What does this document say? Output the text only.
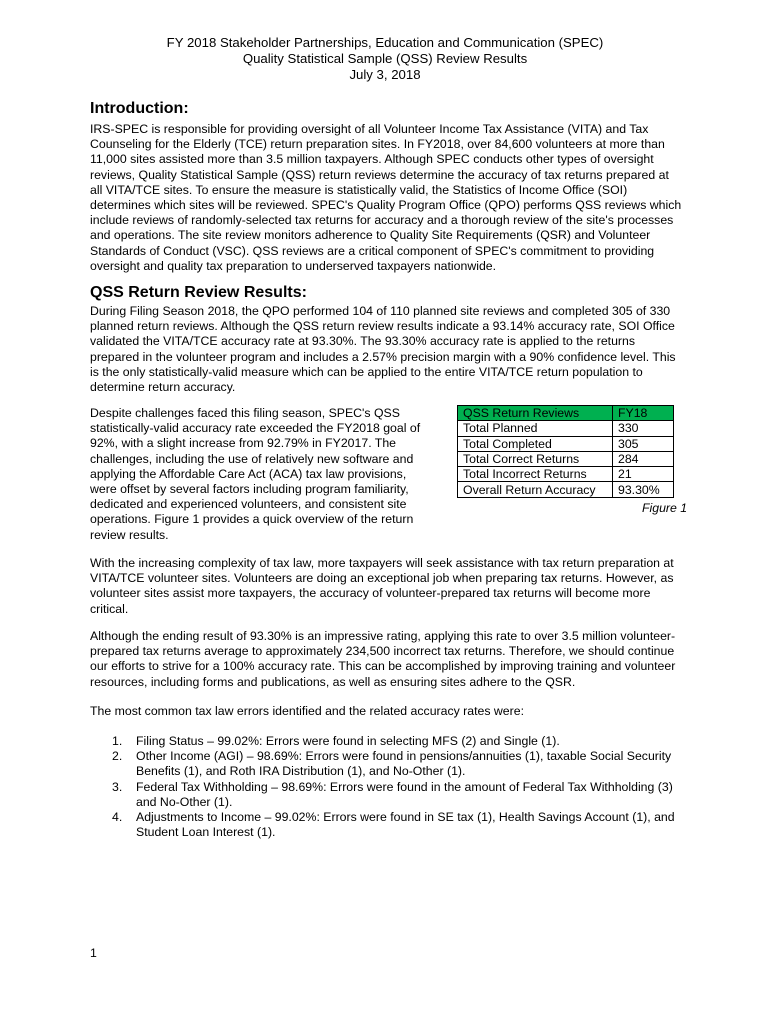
FY 2018 Stakeholder Partnerships, Education and Communication (SPEC)
Quality Statistical Sample (QSS) Review Results
July 3, 2018
Introduction:

IRS-SPEC is responsible for providing oversight of all Volunteer Income Tax Assistance (VITA) and Tax
Counseling for the Elderly (TCE) return preparation sites. In FY2018, over 84,600 volunteers at more than
11,000 sites assisted more than 3.5 million taxpayers. Although SPEC conducts other types of oversight
reviews, Quality Statistical Sample (QSS) return reviews determine the accuracy of tax returns prepared at
all VITA/TCE sites. To ensure the measure is statistically valid, the Statistics of Income Office (SOI)
determines which sites will be reviewed. SPEC's Quality Program Office (QPO) performs QSS reviews which
include reviews of randomly-selected tax returns for accuracy and a thorough review of the site's processes
and operations. The site review monitors adherence to Quality Site Requirements (QSR) and Volunteer
Standards of Conduct (VSC). QSS reviews are a critical component of SPEC's commitment to providing
oversight and quality tax preparation to underserved taxpayers nationwide.

QSS Return Review Results:

During Filing Season 2018, the QPO performed 104 of 110 planned site reviews and completed 305 of 330
planned return reviews. Although the QSS return review results indicate a 93.14% accuracy rate, SOI Office
validated the VITA/TCE accuracy rate at 93.30%. The 93.30% accuracy rate is applied to the returns
prepared in the volunteer program and includes a 2.57% precision margin with a 90% confidence level. This
is the only statistically-valid measure which can be applied to the entire VITA/TCE return population to
determine return accuracy.

Despite challenges faced this filing season, SPEC's QSS
statistically-valid accuracy rate exceeded the FY2018 goal of
92%, with a slight increase from 92.79% in FY2017. The
challenges, including the use of relatively new software and
applying the Affordable Care Act (ACA) tax law provisions,
were offset by several factors including program familiarity,
dedicated and experienced volunteers, and consistent site
operations. Figure 1 provides a quick overview of the return
review results.

QSS Return Reviews	FY18
Total Planned	330
Total Completed	305
Total Correct Returns	284
Total Incorrect Returns	21
Overall Return Accuracy	93.30%
Figure 1

With the increasing complexity of tax law, more taxpayers will seek assistance with tax return preparation at
VITA/TCE volunteer sites. Volunteers are doing an exceptional job when preparing tax returns. However, as
volunteer sites assist more taxpayers, the accuracy of volunteer-prepared tax returns will become more
critical.

Although the ending result of 93.30% is an impressive rating, applying this rate to over 3.5 million volunteer-
prepared tax returns average to approximately 234,500 incorrect tax returns. Therefore, we should continue
our efforts to strive for a 100% accuracy rate. This can be accomplished by improving training and volunteer
resources, including forms and publications, as well as ensuring sites adhere to the QSR.

The most common tax law errors identified and the related accuracy rates were:

1. Filing Status – 99.02%: Errors were found in selecting MFS (2) and Single (1).
2. Other Income (AGI) – 98.69%: Errors were found in pensions/annuities (1), taxable Social Security
Benefits (1), and Roth IRA Distribution (1), and No-Other (1).
3. Federal Tax Withholding – 98.69%: Errors were found in the amount of Federal Tax Withholding (3)
and No-Other (1).
4. Adjustments to Income – 99.02%: Errors were found in SE tax (1), Health Savings Account (1), and
Student Loan Interest (1).
1
